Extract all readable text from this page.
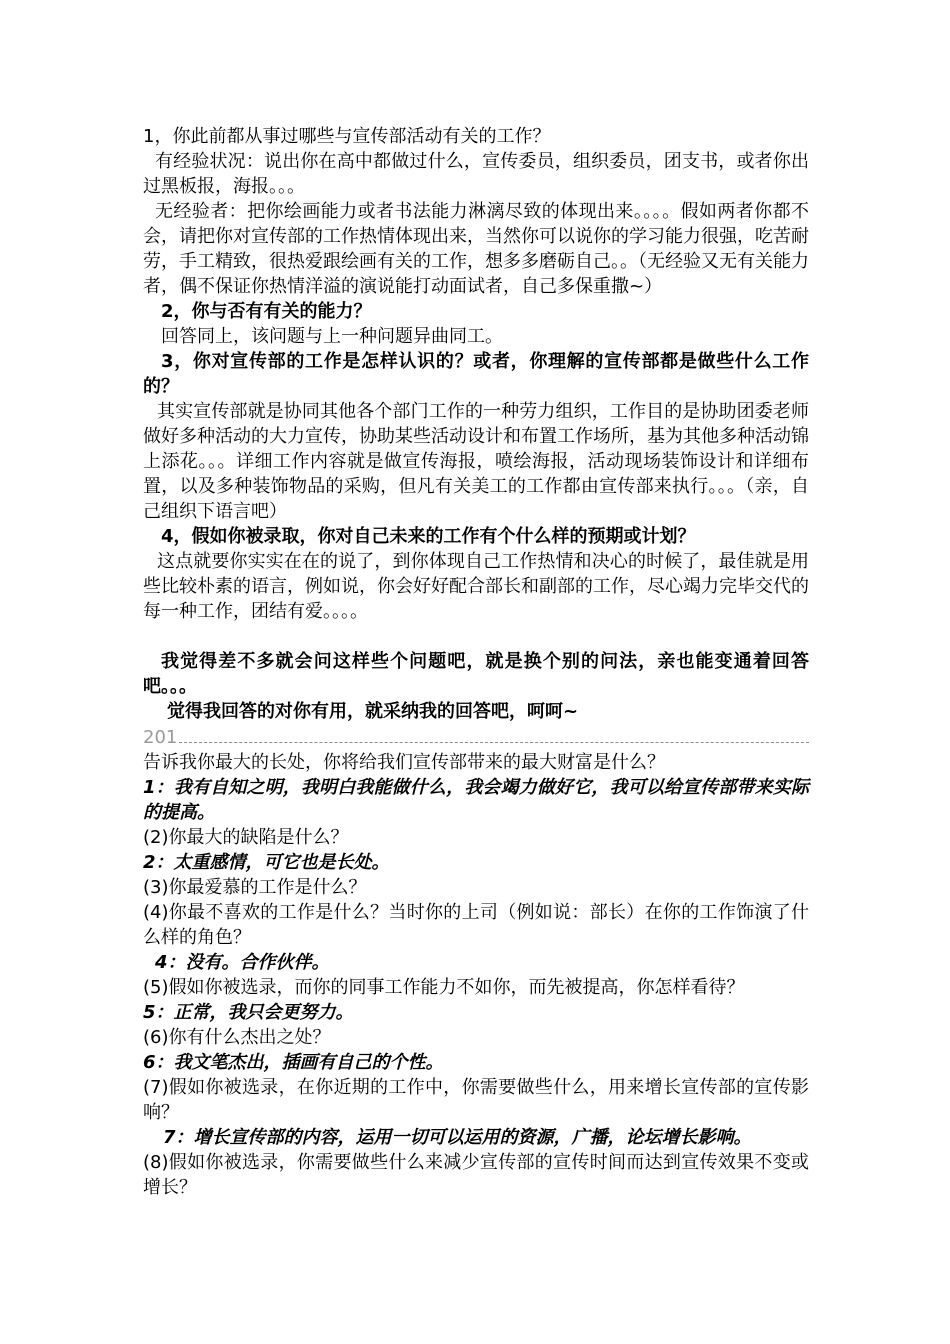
1，你此前都从事过哪些与宣传部活动有关的工作？
有经验状况：说出你在高中都做过什么，宣传委员，组织委员，团支书，或者你出过黑板报，海报。。。
无经验者：把你绘画能力或者书法能力淋漓尽致的体现出来。。。。假如两者你都不会，请把你对宣传部的工作热情体现出来，当然你可以说你的学习能力很强，吃苦耐劳，手工精致，很热爱跟绘画有关的工作，想多多磨砺自己。。（无经验又无有关能力者，偶不保证你热情洋溢的演说能打动面试者，自己多保重撒~）
2，你与否有有关的能力？
回答同上，该问题与上一种问题异曲同工。
3，你对宣传部的工作是怎样认识的？或者，你理解的宣传部都是做些什么工作的？
其实宣传部就是协同其他各个部门工作的一种劳力组织，工作目的是协助团委老师做好多种活动的大力宣传，协助某些活动设计和布置工作场所，基为其他多种活动锦上添花。。。详细工作内容就是做宣传海报，喷绘海报，活动现场装饰设计和详细布置，以及多种装饰物品的采购，但凡有关美工的工作都由宣传部来执行。。。（亲，自己组织下语言吧）
4，假如你被录取，你对自己未来的工作有个什么样的预期或计划？
这点就要你实实在在的说了，到你体现自己工作热情和决心的时候了，最佳就是用些比较朴素的语言，例如说，你会好好配合部长和副部的工作，尽心竭力完毕交代的每一种工作，团结有爱。。。。
我觉得差不多就会问这样些个问题吧，就是换个别的问法，亲也能变通着回答吧。。。
觉得我回答的对你有用，就采纳我的回答吧，呵呵~
201
告诉我你最大的长处，你将给我们宣传部带来的最大财富是什么？
1：我有自知之明，我明白我能做什么，我会竭力做好它，我可以给宣传部带来实际的提高。
(2)你最大的缺陷是什么？
2：太重感情，可它也是长处。
(3)你最爱慕的工作是什么？
(4)你最不喜欢的工作是什么？当时你的上司（例如说：部长）在你的工作饰演了什么样的角色？
4：没有。合作伙伴。
(5)假如你被选录，而你的同事工作能力不如你，而先被提高，你怎样看待？
5：正常，我只会更努力。
(6)你有什么杰出之处？
6：我文笔杰出，插画有自己的个性。
(7)假如你被选录，在你近期的工作中，你需要做些什么，用来增长宣传部的宣传影响？
7：增长宣传部的内容，运用一切可以运用的资源，广播，论坛增长影响。
(8)假如你被选录，你需要做些什么来减少宣传部的宣传时间而达到宣传效果不变或增长？
